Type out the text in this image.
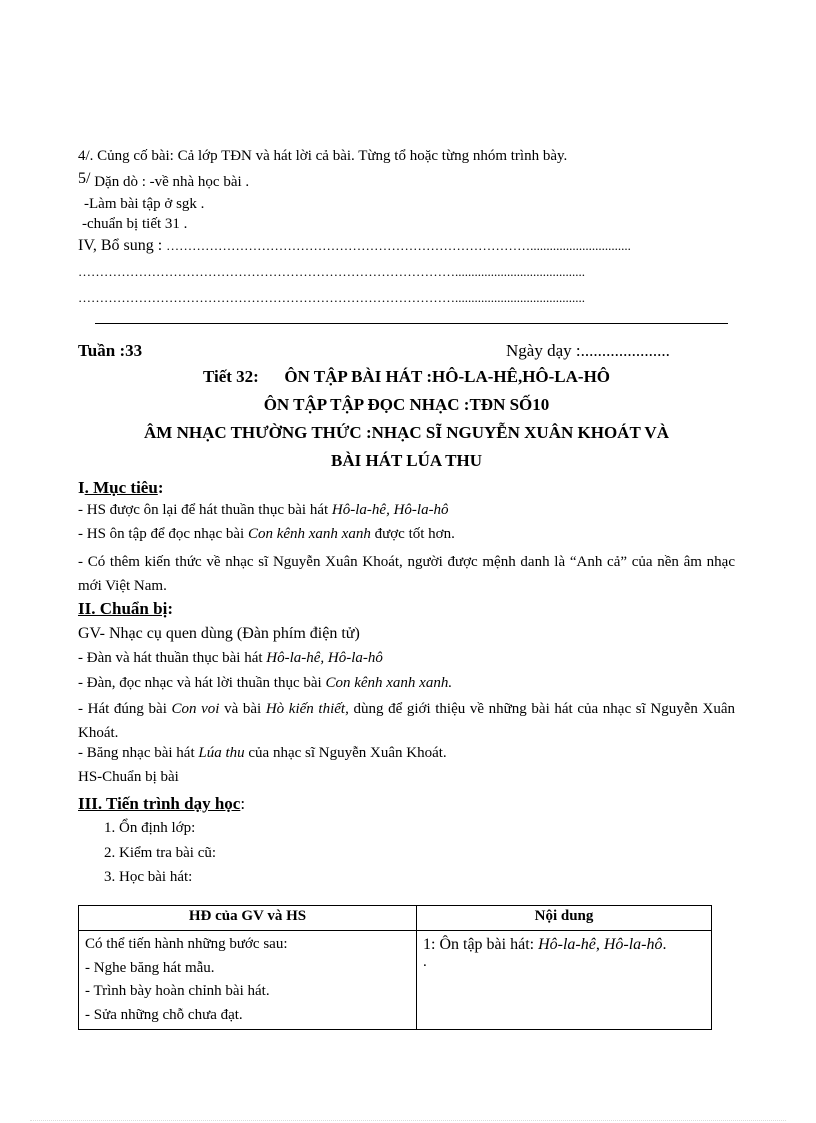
4/. Củng cố bài: Cả lớp TĐN và hát lời cả bài. Từng tổ hoặc từng nhóm trình bày.
5/ Dặn dò : -về nhà học bài .
-Làm bài tập ở sgk .
-chuẩn bị tiết 31 .
IV, Bổ sung : …………………………………………………………………………...............................
……………………………………………………………………………........................................
……………………………………………………………………………........................................
Tuần :33	Ngày dạy :.....................
Tiết 32:      ÔN TẬP BÀI HÁT :HÔ-LA-HÊ,HÔ-LA-HÔ
ÔN TẬP TẬP ĐỌC NHẠC :TĐN SỐ10
ÂM NHẠC THƯỜNG THỨC :NHẠC SĨ NGUYỄN XUÂN KHOÁT VÀ
BÀI HÁT LÚA THU
I. Mục tiêu:
- HS được ôn lại để hát thuần thục bài hát Hô-la-hê, Hô-la-hô
- HS ôn tập để đọc nhạc bài Con kênh xanh xanh được tốt hơn.
- Có thêm kiến thức về nhạc sĩ Nguyễn Xuân Khoát, người được mệnh danh là “Anh cả” của nền âm nhạc mới Việt Nam.
II. Chuẩn bị:
GV- Nhạc cụ quen dùng (Đàn phím điện tử)
- Đàn và hát thuần thục bài hát Hô-la-hê, Hô-la-hô
- Đàn, đọc nhạc và hát lời thuần thục bài Con kênh xanh xanh.
- Hát đúng bài Con voi và bài Hò kiến thiết, dùng để giới thiệu về những bài hát của nhạc sĩ Nguyễn Xuân Khoát.
- Băng nhạc bài hát Lúa thu của nhạc sĩ Nguyễn Xuân Khoát.
HS-Chuẩn bị bài
III. Tiến trình dạy học:
1. Ổn định lớp:
2. Kiểm tra bài cũ:
3. Học bài hát:
HĐ của GV và HS	Nội dung

Có thể tiến hành những bước sau:
- Nghe băng hát mẫu.
- Trình bày hoàn chỉnh bài hát.
- Sửa những chỗ chưa đạt.	1: Ôn tập bài hát: Hô-la-hê, Hô-la-hô.
.
